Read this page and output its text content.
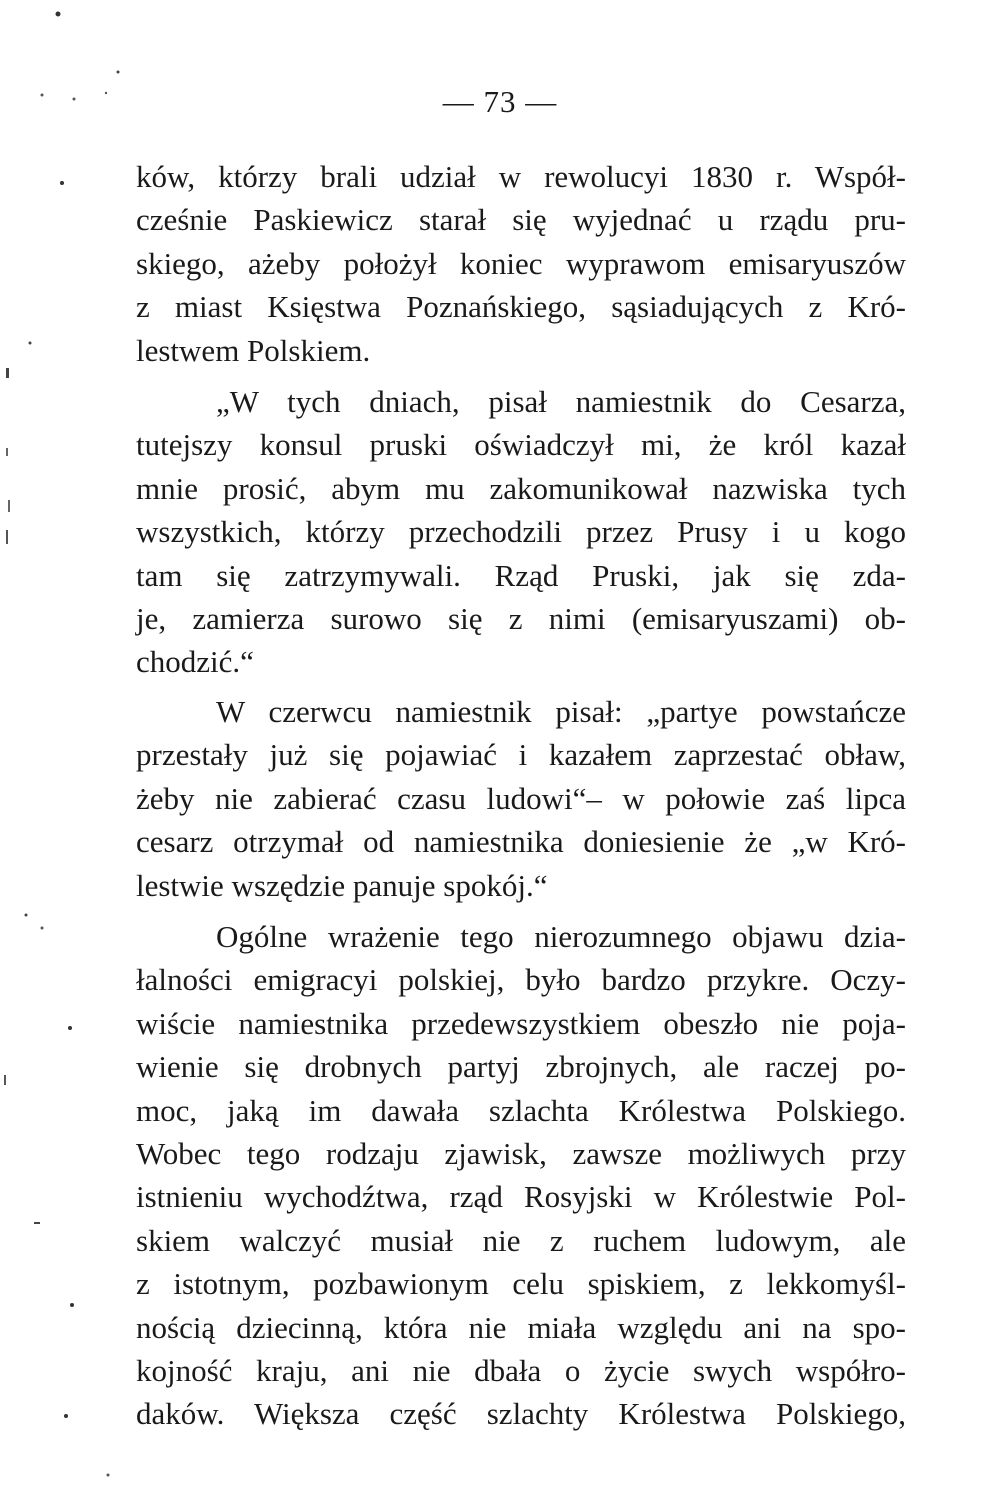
— 73 —
ków, którzy brali udział w rewolucyi 1830 r. Współ-
cześnie Paskiewicz starał się wyjednać u rządu pru-
skiego, ażeby położył koniec wyprawom emisaryuszów
z miast Księstwa Poznańskiego, sąsiadujących z Kró-
lestwem Polskiem.
„W tych dniach, pisał namiestnik do Cesarza,
tutejszy konsul pruski oświadczył mi, że król kazał
mnie prosić, abym mu zakomunikował nazwiska tych
wszystkich, którzy przechodzili przez Prusy i u kogo
tam się zatrzymywali. Rząd Pruski, jak się zda-
je, zamierza surowo się z nimi (emisaryuszami) ob-
chodzić.“
W czerwcu namiestnik pisał: „partye powstańcze
przestały już się pojawiać i kazałem zaprzestać obław,
żeby nie zabierać czasu ludowi“– w połowie zaś lipca
cesarz otrzymał od namiestnika doniesienie że „w Kró-
lestwie wszędzie panuje spokój.“
Ogólne wrażenie tego nierozumnego objawu dzia-
łalności emigracyi polskiej, było bardzo przykre. Oczy-
wiście namiestnika przedewszystkiem obeszło nie poja-
wienie się drobnych partyj zbrojnych, ale raczej po-
moc, jaką im dawała szlachta Królestwa Polskiego.
Wobec tego rodzaju zjawisk, zawsze możliwych przy
istnieniu wychodźtwa, rząd Rosyjski w Królestwie Pol-
skiem walczyć musiał nie z ruchem ludowym, ale
z istotnym, pozbawionym celu spiskiem, z lekkomyśl-
nością dziecinną, która nie miała względu ani na spo-
kojność kraju, ani nie dbała o życie swych współro-
daków. Większa część szlachty Królestwa Polskiego,
